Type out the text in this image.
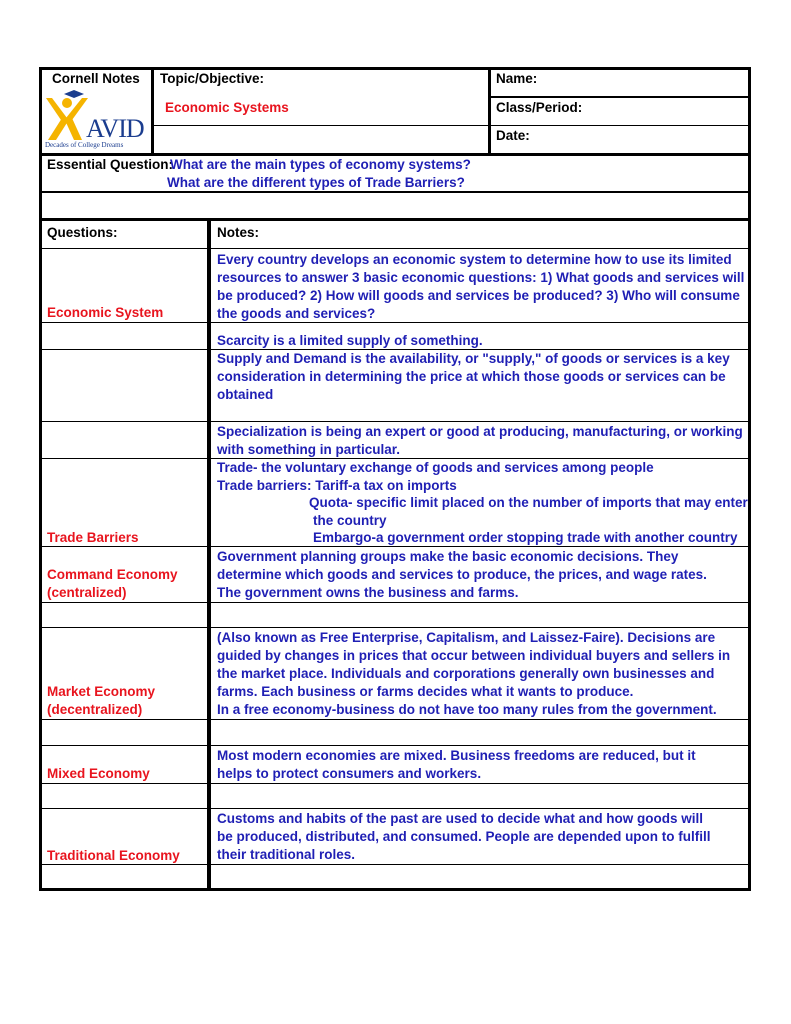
Cornell Notes
AVID
Decades of College Dreams
Topic/Objective:
Economic Systems
Name:
Class/Period:
Date:
Essential Question:
What are the main types of economy systems?
What are the different types of Trade Barriers?
Questions:	Notes:
Economic System
Every country develops an economic system to determine how to use its limited resources to answer 3 basic economic questions: 1) What goods and services will be produced? 2) How will goods and services be produced? 3) Who will consume the goods and services?
Scarcity is a limited supply of something.
Supply and Demand is the availability, or "supply," of goods or services is a key consideration in determining the price at which those goods or services can be obtained
Specialization is being an expert or good at producing, manufacturing, or working with something in particular.
Trade Barriers
Trade- the voluntary exchange of goods and services among people
Trade barriers: Tariff-a tax on imports
Quota- specific limit placed on the number of imports that may enter
the country
Embargo-a government order stopping trade with another country
Command Economy
(centralized)
Government planning groups make the basic economic decisions. They determine which goods and services to produce, the prices, and wage rates. The government owns the business and farms.
Market Economy
(decentralized)
(Also known as Free Enterprise, Capitalism, and Laissez-Faire). Decisions are guided by changes in prices that occur between individual buyers and sellers in the market place. Individuals and corporations generally own businesses and farms. Each business or farms decides what it wants to produce.
In a free economy-business do not have too many rules from the government.
Mixed Economy
Most modern economies are mixed. Business freedoms are reduced, but it helps to protect consumers and workers.
Traditional Economy
Customs and habits of the past are used to decide what and how goods will be produced, distributed, and consumed. People are depended upon to fulfill their traditional roles.
